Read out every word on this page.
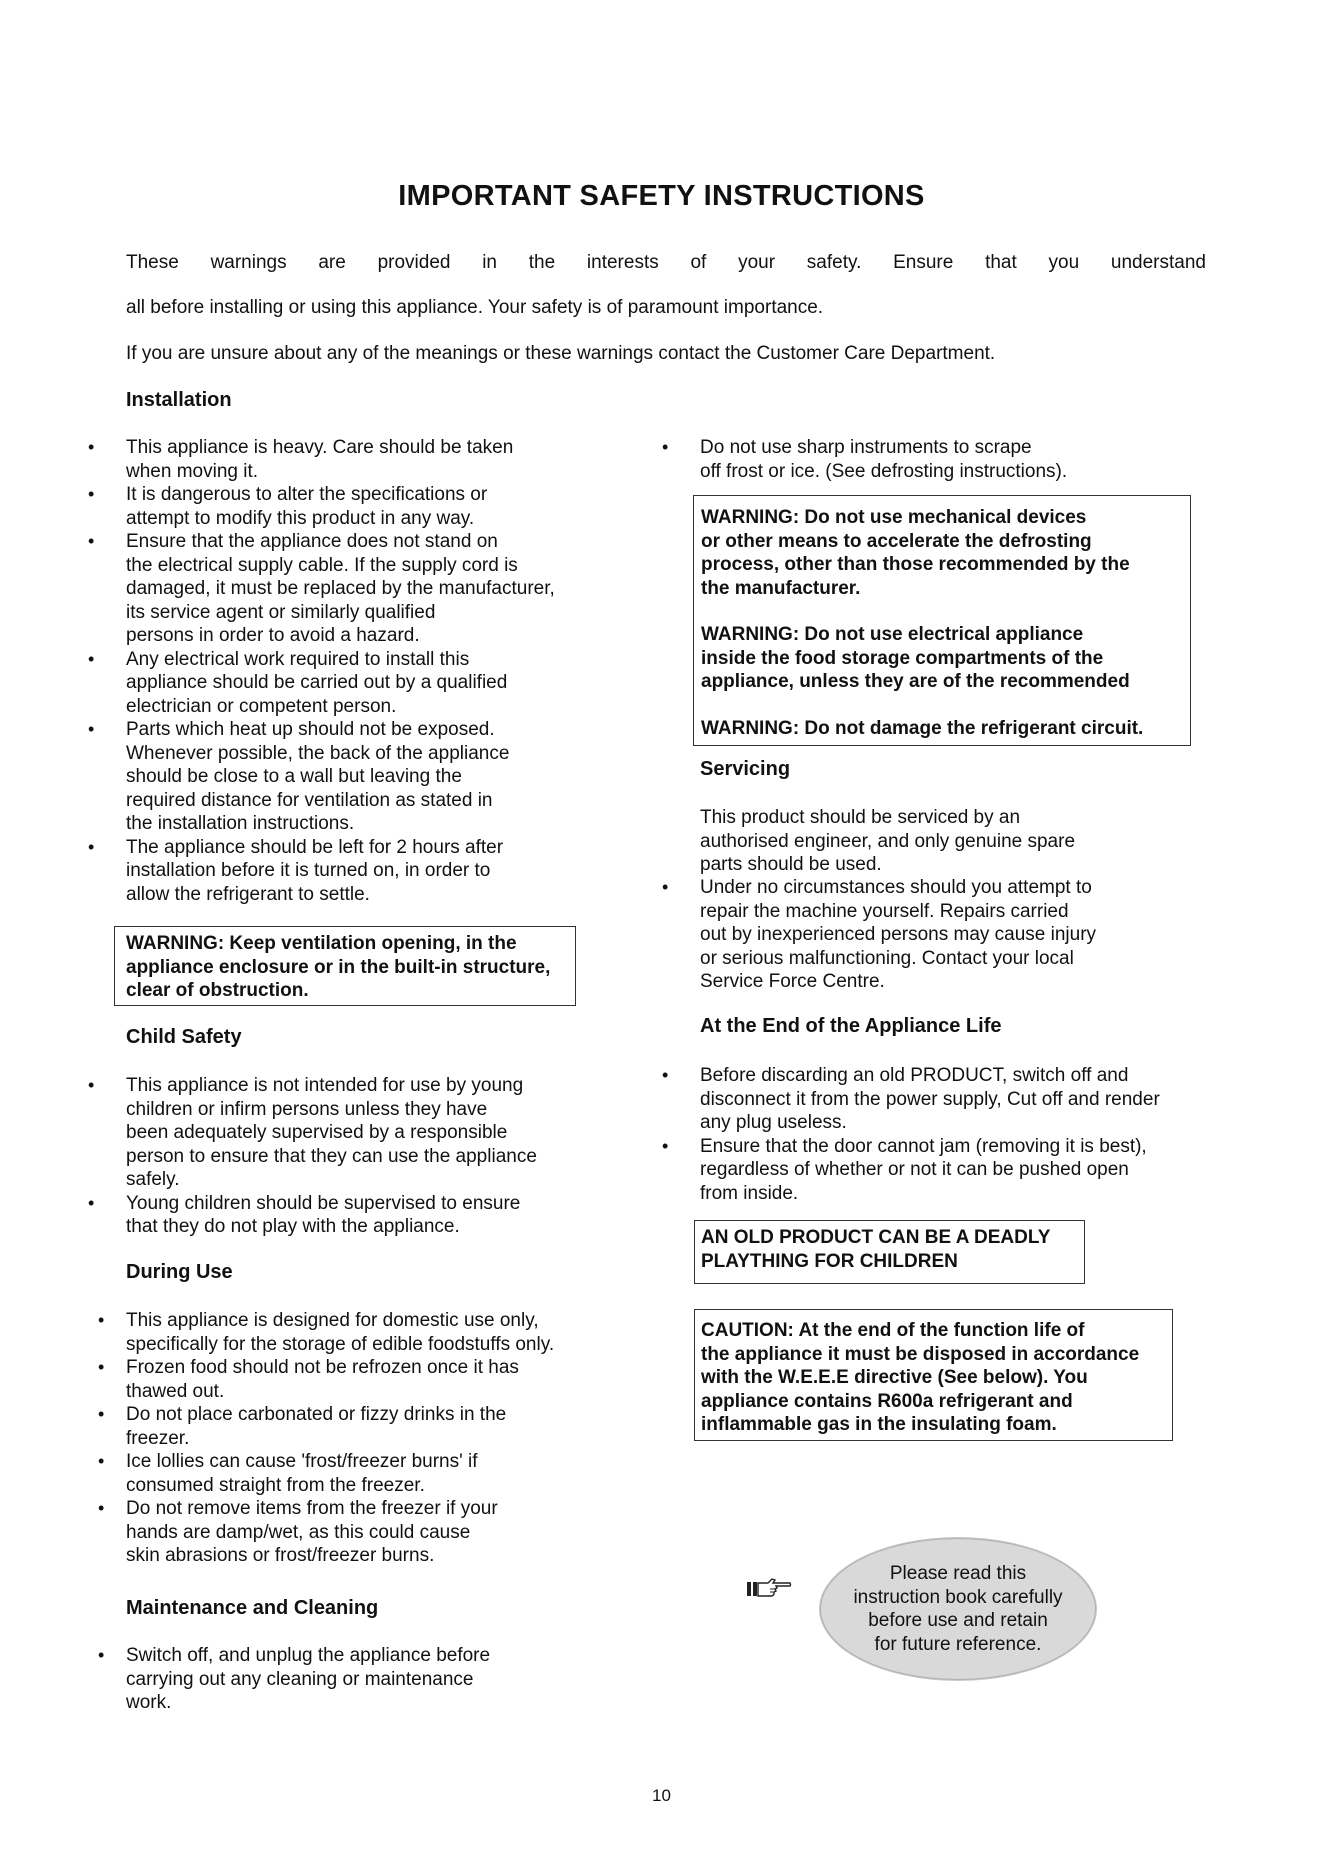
IMPORTANT SAFETY INSTRUCTIONS
These warnings are provided in the interests of your safety. Ensure that you understand
all before installing or using this appliance. Your safety is of paramount importance.
If you are unsure about any of the meanings or these warnings contact the Customer Care Department.
Installation
• This appliance is heavy. Care should be taken
when moving it.
• It is dangerous to alter the specifications or
attempt to modify this product in any way.
• Ensure that the appliance does not stand on
the electrical supply cable. If the supply cord is
damaged, it must be replaced by the manufacturer,
its service agent or similarly qualified
persons in order to avoid a hazard.
• Any electrical work required to install this
appliance should be carried out by a qualified
electrician or competent person.
• Parts which heat up should not be exposed.
Whenever possible, the back of the appliance
should be close to a wall but leaving the
required distance for ventilation as stated in
the installation instructions.
• The appliance should be left for 2 hours after
installation before it is turned on, in order to
allow the refrigerant to settle.
WARNING: Keep ventilation opening, in the
appliance enclosure or in the built-in structure,
clear of obstruction.
Child Safety
• This appliance is not intended for use by young
children or infirm persons unless they have
been adequately supervised by a responsible
person to ensure that they can use the appliance
safely.
• Young children should be supervised to ensure
that they do not play with the appliance.
During Use
• This appliance is designed for domestic use only,
specifically for the storage of edible foodstuffs only.
• Frozen food should not be refrozen once it has
thawed out.
• Do not place carbonated or fizzy drinks in the
freezer.
• Ice lollies can cause 'frost/freezer burns' if
consumed straight from the freezer.
• Do not remove items from the freezer if your
hands are damp/wet, as this could cause
skin abrasions or frost/freezer burns.
Maintenance and Cleaning
• Switch off, and unplug the appliance before
carrying out any cleaning or maintenance
work.
• Do not use sharp instruments to scrape
off frost or ice. (See defrosting instructions).
WARNING: Do not use mechanical devices
or other means to accelerate the defrosting
process, other than those recommended by the
the manufacturer.
WARNING: Do not use electrical appliance
inside the food storage compartments of the
appliance, unless they are of the recommended
WARNING: Do not damage the refrigerant circuit.
Servicing
This product should be serviced by an
authorised engineer, and only genuine spare
parts should be used.
• Under no circumstances should you attempt to
repair the machine yourself. Repairs carried
out by inexperienced persons may cause injury
or serious malfunctioning. Contact your local
Service Force Centre.
At the End of the Appliance Life
• Before discarding an old PRODUCT, switch off and
disconnect it from the power supply, Cut off and render
any plug useless.
• Ensure that the door cannot jam (removing it is best),
regardless of whether or not it can be pushed open
from inside.
AN OLD PRODUCT CAN BE A DEADLY
PLAYTHING FOR CHILDREN
CAUTION: At the end of the function life of
the appliance it must be disposed in accordance
with the W.E.E.E directive (See below). You
appliance contains R600a refrigerant and
inflammable gas in the insulating foam.
Please read this
instruction book carefully
before use and retain
for future reference.
10
